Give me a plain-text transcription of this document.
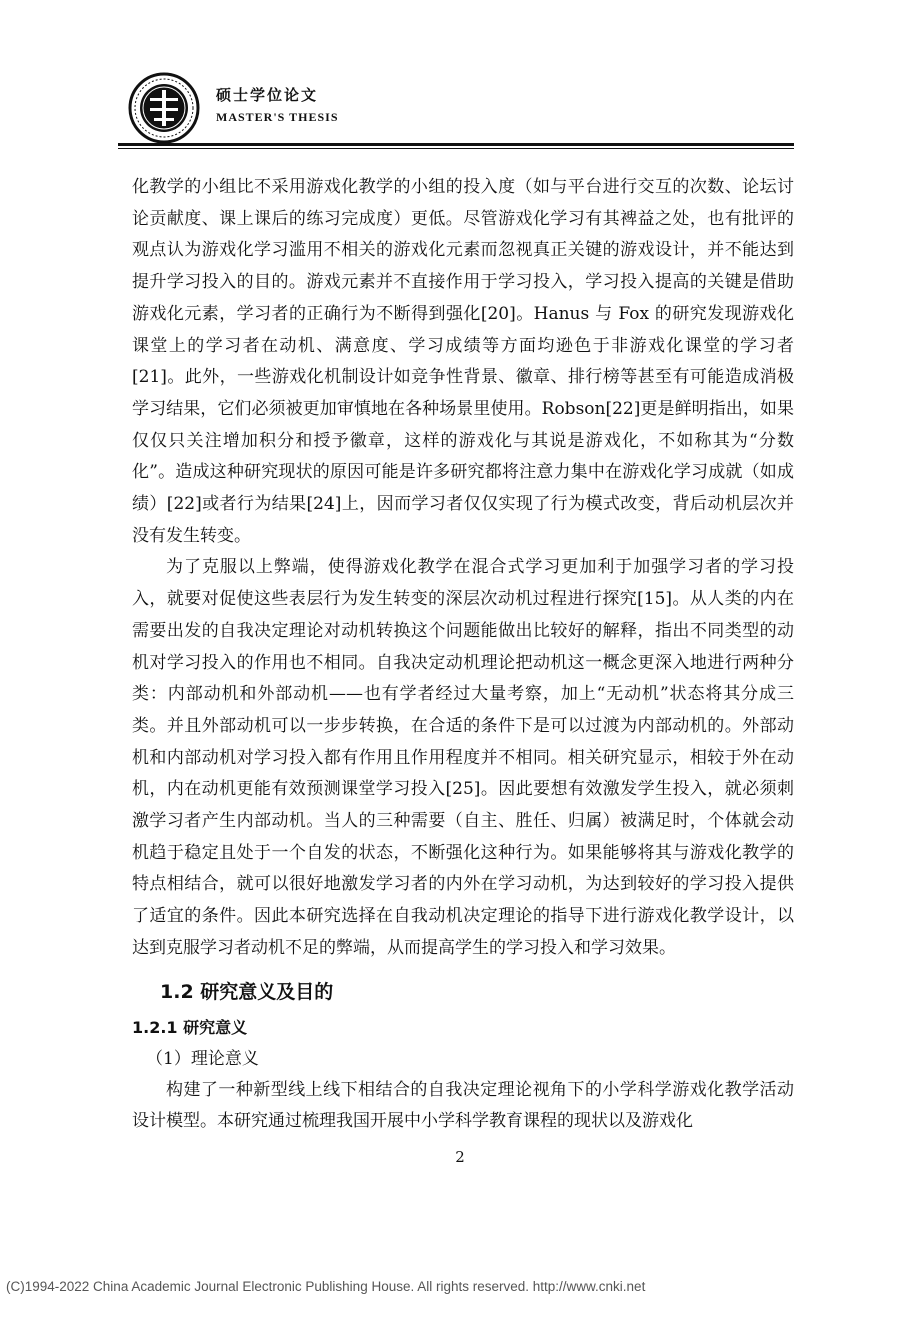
硕士学位论文
MASTER'S THESIS

化教学的小组比不采用游戏化教学的小组的投入度（如与平台进行交互的次数、论坛讨论贡献度、课上课后的练习完成度）更低。尽管游戏化学习有其裨益之处，也有批评的观点认为游戏化学习滥用不相关的游戏化元素而忽视真正关键的游戏设计，并不能达到提升学习投入的目的。游戏元素并不直接作用于学习投入，学习投入提高的关键是借助游戏化元素，学习者的正确行为不断得到强化[20]。Hanus 与 Fox 的研究发现游戏化课堂上的学习者在动机、满意度、学习成绩等方面均逊色于非游戏化课堂的学习者[21]。此外，一些游戏化机制设计如竞争性背景、徽章、排行榜等甚至有可能造成消极学习结果，它们必须被更加审慎地在各种场景里使用。Robson[22]更是鲜明指出，如果仅仅只关注增加积分和授予徽章，这样的游戏化与其说是游戏化，不如称其为“分数化”。造成这种研究现状的原因可能是许多研究都将注意力集中在游戏化学习成就（如成绩）[22]或者行为结果[24]上，因而学习者仅仅实现了行为模式改变，背后动机层次并没有发生转变。

为了克服以上弊端，使得游戏化教学在混合式学习更加利于加强学习者的学习投入，就要对促使这些表层行为发生转变的深层次动机过程进行探究[15]。从人类的内在需要出发的自我决定理论对动机转换这个问题能做出比较好的解释，指出不同类型的动机对学习投入的作用也不相同。自我决定动机理论把动机这一概念更深入地进行两种分类：内部动机和外部动机——也有学者经过大量考察，加上“无动机”状态将其分成三类。并且外部动机可以一步步转换，在合适的条件下是可以过渡为内部动机的。外部动机和内部动机对学习投入都有作用且作用程度并不相同。相关研究显示，相较于外在动机，内在动机更能有效预测课堂学习投入[25]。因此要想有效激发学生投入，就必须刺激学习者产生内部动机。当人的三种需要（自主、胜任、归属）被满足时，个体就会动机趋于稳定且处于一个自发的状态，不断强化这种行为。如果能够将其与游戏化教学的特点相结合，就可以很好地激发学习者的内外在学习动机，为达到较好的学习投入提供了适宜的条件。因此本研究选择在自我动机决定理论的指导下进行游戏化教学设计，以达到克服学习者动机不足的弊端，从而提高学生的学习投入和学习效果。

1.2 研究意义及目的
1.2.1 研究意义

（1）理论意义

构建了一种新型线上线下相结合的自我决定理论视角下的小学科学游戏化教学活动设计模型。本研究通过梳理我国开展中小学科学教育课程的现状以及游戏化

2
(C)1994-2022 China Academic Journal Electronic Publishing House. All rights reserved. http://www.cnki.net
